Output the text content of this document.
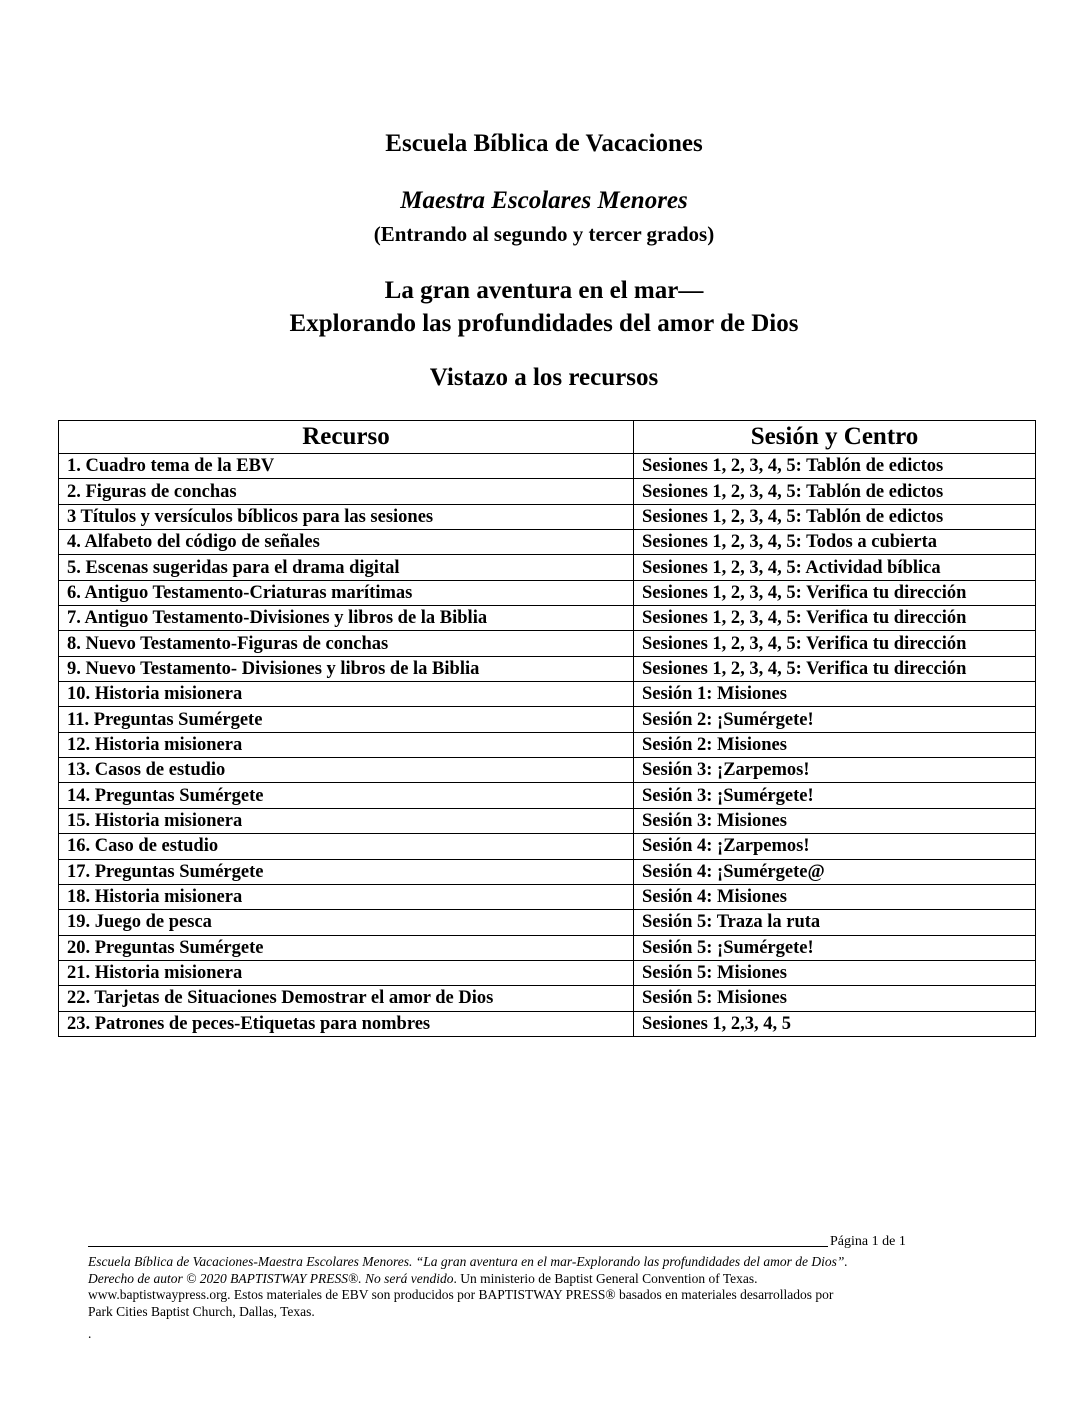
Escuela Bíblica de Vacaciones
Maestra Escolares Menores
(Entrando al segundo y tercer grados)
La gran aventura en el mar—
Explorando las profundidades del amor de Dios
Vistazo a los recursos
Recurso	Sesión y Centro
1. Cuadro tema de la EBV	Sesiones 1, 2, 3, 4, 5: Tablón de edictos
2. Figuras de conchas	Sesiones 1, 2, 3, 4, 5: Tablón de edictos
3 Títulos y versículos bíblicos para las sesiones	Sesiones 1, 2, 3, 4, 5: Tablón de edictos
4. Alfabeto del código de señales	Sesiones 1, 2, 3, 4, 5: Todos a cubierta
5. Escenas sugeridas para el drama digital	Sesiones 1, 2, 3, 4, 5: Actividad bíblica
6. Antiguo Testamento-Criaturas marítimas	Sesiones 1, 2, 3, 4, 5: Verifica tu dirección
7. Antiguo Testamento-Divisiones y libros de la Biblia	Sesiones 1, 2, 3, 4, 5: Verifica tu dirección
8. Nuevo Testamento-Figuras de conchas	Sesiones 1, 2, 3, 4, 5: Verifica tu dirección
9. Nuevo Testamento- Divisiones y libros de la Biblia	Sesiones 1, 2, 3, 4, 5: Verifica tu dirección
10. Historia misionera	Sesión 1: Misiones
11. Preguntas Sumérgete	Sesión 2: ¡Sumérgete!
12. Historia misionera	Sesión 2: Misiones
13. Casos de estudio	Sesión 3: ¡Zarpemos!
14. Preguntas Sumérgete	Sesión 3: ¡Sumérgete!
15. Historia misionera	Sesión 3: Misiones
16. Caso de estudio	Sesión 4: ¡Zarpemos!
17. Preguntas Sumérgete	Sesión 4: ¡Sumérgete@
18. Historia misionera	Sesión 4: Misiones
19. Juego de pesca	Sesión 5: Traza la ruta
20. Preguntas Sumérgete	Sesión 5: ¡Sumérgete!
21. Historia misionera	Sesión 5: Misiones
22. Tarjetas de Situaciones Demostrar el amor de Dios	Sesión 5: Misiones
23. Patrones de peces-Etiquetas para nombres	Sesiones 1, 2,3, 4, 5
Página 1 de 1

Escuela Bíblica de Vacaciones-Maestra Escolares Menores. “La gran aventura en el mar-Explorando las profundidades del amor de Dios”.

Derecho de autor © 2020 BAPTISTWAY PRESS®. No será vendido. Un ministerio de Baptist General Convention of Texas.

www.baptistwaypress.org. Estos materiales de EBV son producidos por BAPTISTWAY PRESS® basados en materiales desarrollados por

Park Cities Baptist Church, Dallas, Texas.

.
